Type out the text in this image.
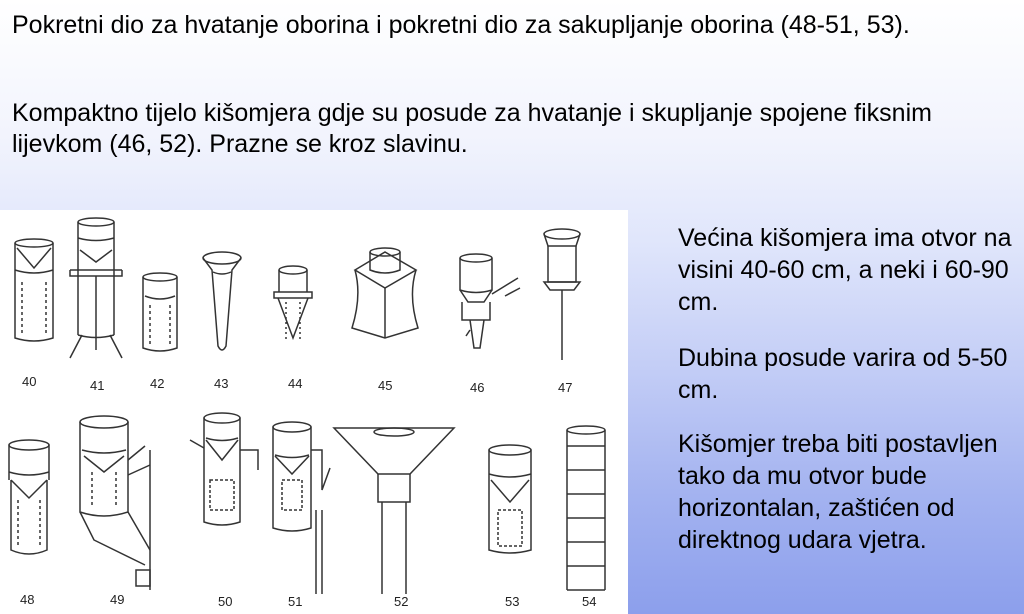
Pokretni dio za hvatanje oborina i pokretni dio za sakupljanje oborina (48-51, 53).

Kompaktno tijelo kišomjera gdje su posude za hvatanje i skupljanje spojene fiksnim lijevkom (46, 52). Prazne se kroz slavinu.

40	41	42	43	44	45	46	47
48	49	50	51	52	53	54

Većina kišomjera ima otvor na visini 40-60 cm, a neki i 60-90 cm.

Dubina posude varira od 5-50 cm.

Kišomjer treba biti postavljen tako da mu otvor bude horizontalan, zaštićen od direktnog udara vjetra.
